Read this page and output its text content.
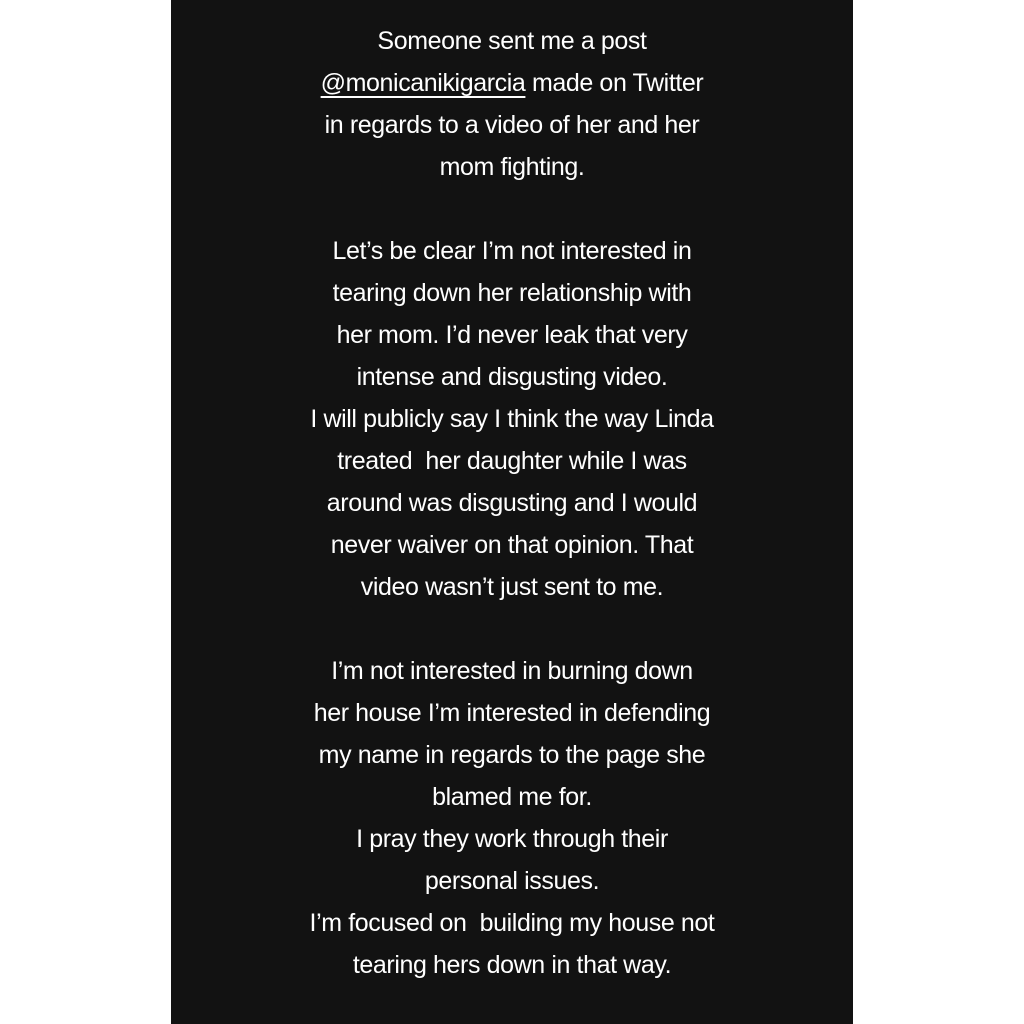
Someone sent me a post
@monicanikigarcia made on Twitter
in regards to a video of her and her
mom fighting.
Let’s be clear I’m not interested in
tearing down her relationship with
her mom. I’d never leak that very
intense and disgusting video.
I will publicly say I think the way Linda
treated  her daughter while I was
around was disgusting and I would
never waiver on that opinion. That
video wasn’t just sent to me.
I’m not interested in burning down
her house I’m interested in defending
my name in regards to the page she
blamed me for.
I pray they work through their
personal issues.
I’m focused on  building my house not
tearing hers down in that way.
